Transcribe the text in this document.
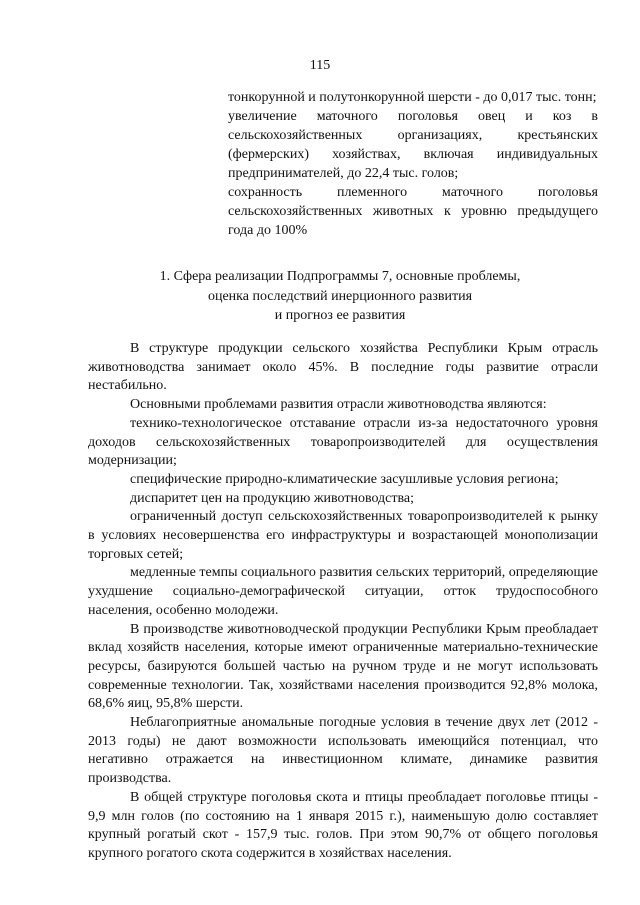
115

тонкорунной и полутонкорунной шерсти - до 0,017 тыс. тонн;

увеличение маточного поголовья овец и коз в сельскохозяйственных организациях, крестьянских (фермерских) хозяйствах, включая индивидуальных предпринимателей, до 22,4 тыс. голов;

сохранность племенного маточного поголовья сельскохозяйственных животных к уровню предыдущего года до 100%

1. Сфера реализации Подпрограммы 7, основные проблемы,
оценка последствий инерционного развития
и прогноз ее развития

В структуре продукции сельского хозяйства Республики Крым отрасль животноводства занимает около 45%. В последние годы развитие отрасли нестабильно.

Основными проблемами развития отрасли животноводства являются:

технико-технологическое отставание отрасли из-за недостаточного уровня доходов сельскохозяйственных товаропроизводителей для осуществления модернизации;

специфические природно-климатические засушливые условия региона;

диспаритет цен на продукцию животноводства;

ограниченный доступ сельскохозяйственных товаропроизводителей к рынку в условиях несовершенства его инфраструктуры и возрастающей монополизации торговых сетей;

медленные темпы социального развития сельских территорий, определяющие ухудшение социально-демографической ситуации, отток трудоспособного населения, особенно молодежи.

В производстве животноводческой продукции Республики Крым преобладает вклад хозяйств населения, которые имеют ограниченные материально-технические ресурсы, базируются большей частью на ручном труде и не могут использовать современные технологии. Так, хозяйствами населения производится 92,8% молока, 68,6% яиц, 95,8% шерсти.

Неблагоприятные аномальные погодные условия в течение двух лет (2012 - 2013 годы) не дают возможности использовать имеющийся потенциал, что негативно отражается на инвестиционном климате, динамике развития производства.

В общей структуре поголовья скота и птицы преобладает поголовье птицы - 9,9 млн голов (по состоянию на 1 января 2015 г.), наименьшую долю составляет крупный рогатый скот - 157,9 тыс. голов. При этом 90,7% от общего поголовья крупного рогатого скота содержится в хозяйствах населения.
